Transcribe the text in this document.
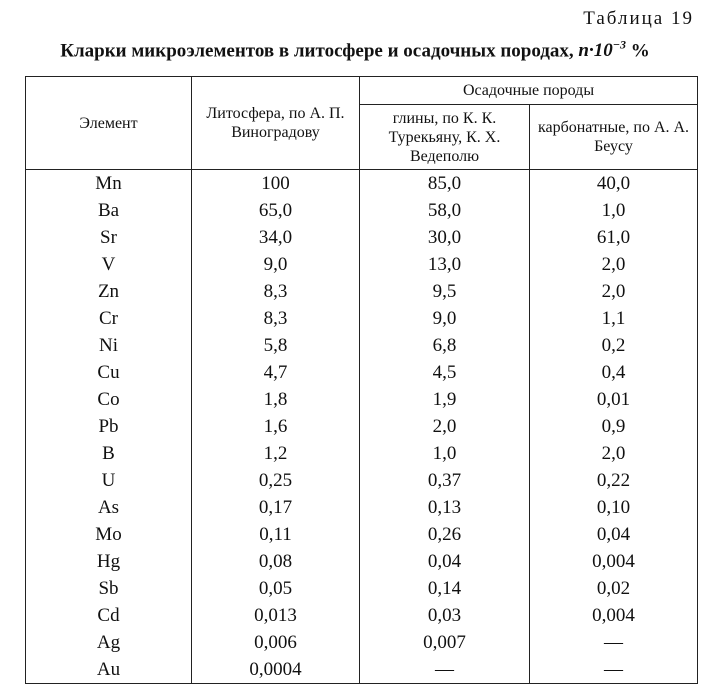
Таблица 19
Кларки микроэлементов в литосфере и осадочных породах, $n\cdot 10^{-3}$ %
Элемент	Литосфера, по А. П. Виноградову	Осадочные породы	
		глины, по К. К. Турекьяну, К. Х. Ведеполю	карбонатные, по А. А. Беусу
Mn	100	85,0	40,0
Ba	65,0	58,0	1,0
Sr	34,0	30,0	61,0
V	9,0	13,0	2,0
Zn	8,3	9,5	2,0
Cr	8,3	9,0	1,1
Ni	5,8	6,8	0,2
Cu	4,7	4,5	0,4
Co	1,8	1,9	0,01
Pb	1,6	2,0	0,9
B	1,2	1,0	2,0
U	0,25	0,37	0,22
As	0,17	0,13	0,10
Mo	0,11	0,26	0,04
Hg	0,08	0,04	0,004
Sb	0,05	0,14	0,02
Cd	0,013	0,03	0,004
Ag	0,006	0,007	—
Au	0,0004	—	—
